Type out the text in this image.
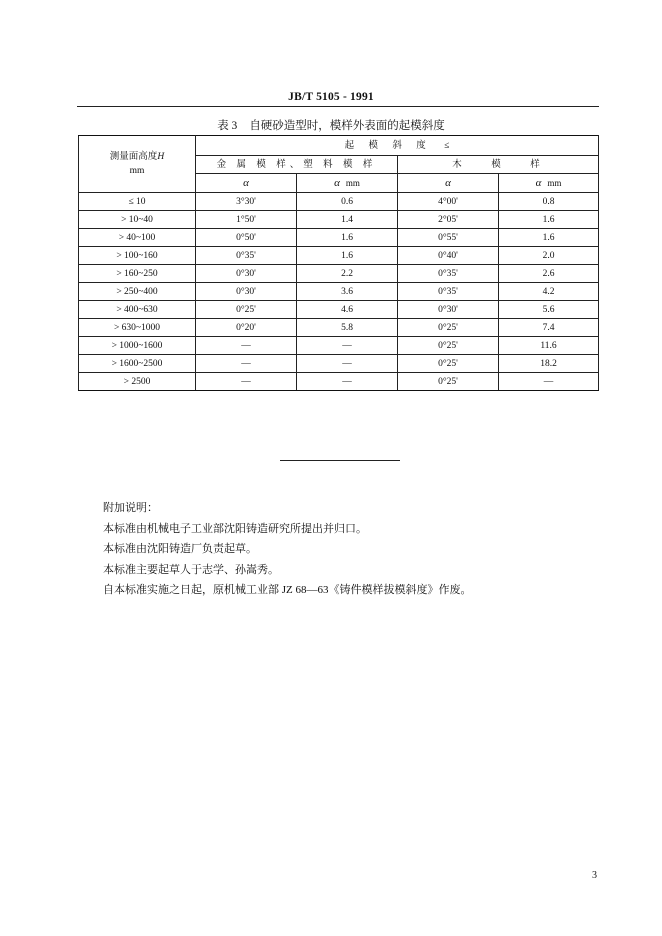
JB/T 5105 - 1991
表 3 自硬砂造型时，模样外表面的起模斜度
测量面高度H
mm	起 模 斜 度 ≤			
	金 属 模 样、塑 料 模 样		木    模    样	
	α	α mm	α	α mm
≤ 10	3°30'	0.6	4°00'	0.8
> 10~40	1°50'	1.4	2°05'	1.6
> 40~100	0°50'	1.6	0°55'	1.6
> 100~160	0°35'	1.6	0°40'	2.0
> 160~250	0°30'	2.2	0°35'	2.6
> 250~400	0°30'	3.6	0°35'	4.2
> 400~630	0°25'	4.6	0°30'	5.6
> 630~1000	0°20'	5.8	0°25'	7.4
> 1000~1600	—	—	0°25'	11.6
> 1600~2500	—	—	0°25'	18.2
> 2500	—	—	0°25'	—
附加说明：
本标准由机械电子工业部沈阳铸造研究所提出并归口。
本标准由沈阳铸造厂负责起草。
本标准主要起草人于志学、孙嵩秀。
自本标准实施之日起，原机械工业部 JZ 68—63《铸件模样拔模斜度》作废。
3
